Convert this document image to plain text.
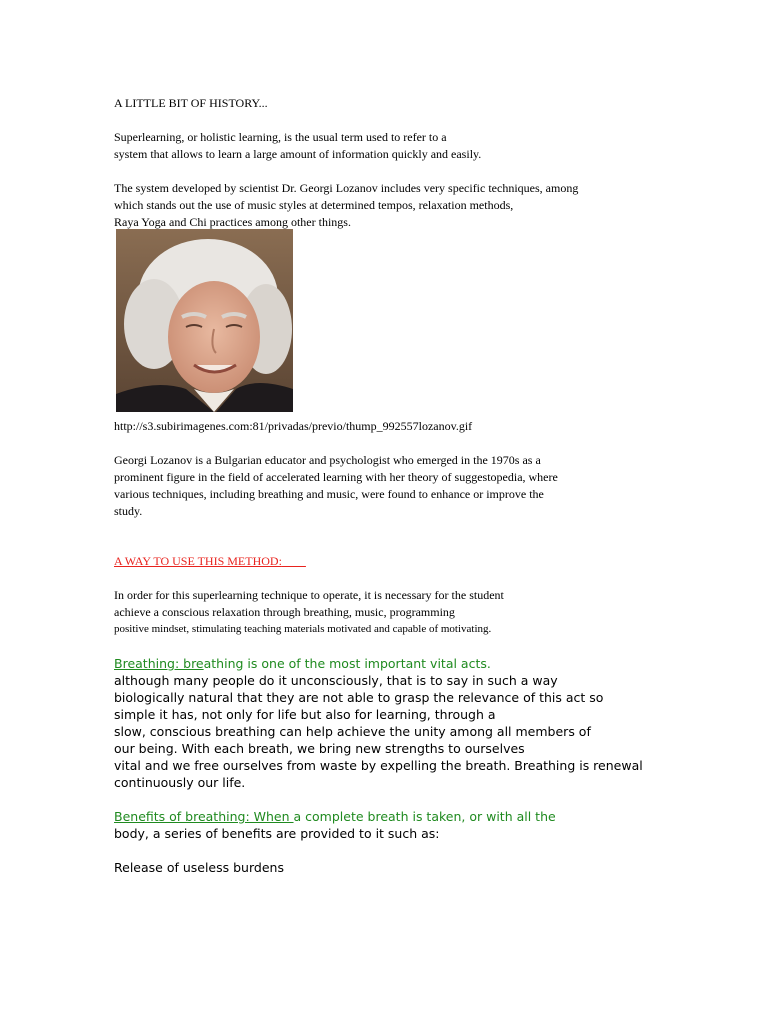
A LITTLE BIT OF HISTORY...
Superlearning, or holistic learning, is the usual term used to refer to a
system that allows to learn a large amount of information quickly and easily.
The system developed by scientist Dr. Georgi Lozanov includes very specific techniques, among
which stands out the use of music styles at determined tempos, relaxation methods,
Raya Yoga and Chi practices among other things.
http://s3.subirimagenes.com:81/privadas/previo/thump_992557lozanov.gif
Georgi Lozanov is a Bulgarian educator and psychologist who emerged in the 1970s as a
prominent figure in the field of accelerated learning with her theory of suggestopedia, where
various techniques, including breathing and music, were found to enhance or improve the
study.
A WAY TO USE THIS METHOD:
In order for this superlearning technique to operate, it is necessary for the student
achieve a conscious relaxation through breathing, music, programming
positive mindset, stimulating teaching materials motivated and capable of motivating.
Breathing: breathing is one of the most important vital acts.
although many people do it unconsciously, that is to say in such a way
biologically natural that they are not able to grasp the relevance of this act so
simple it has, not only for life but also for learning, through a
slow, conscious breathing can help achieve the unity among all members of
our being. With each breath, we bring new strengths to ourselves
vital and we free ourselves from waste by expelling the breath. Breathing is renewal
continuously our life.
Benefits of breathing: When a complete breath is taken, or with all the
body, a series of benefits are provided to it such as:
Release of useless burdens
